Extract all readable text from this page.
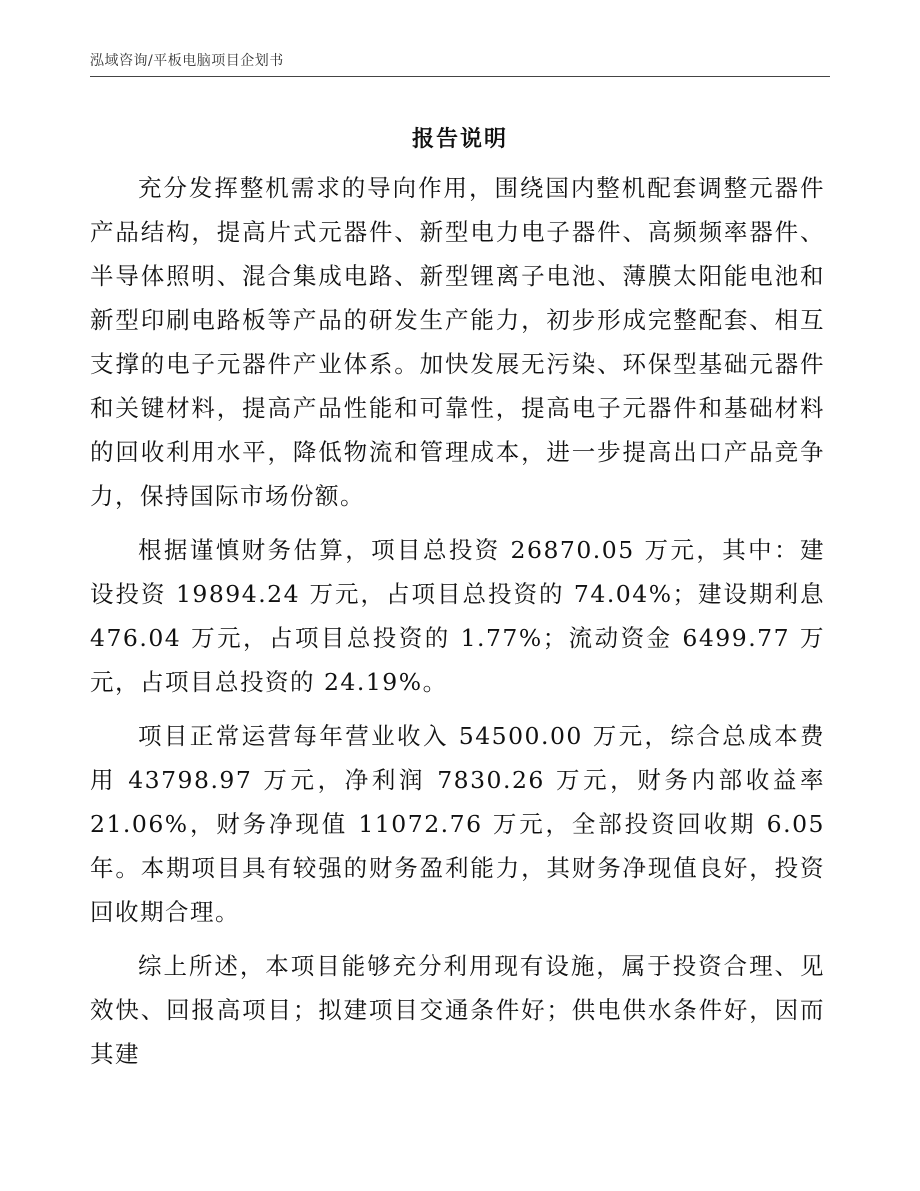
泓域咨询/平板电脑项目企划书
报告说明

充分发挥整机需求的导向作用，围绕国内整机配套调整元器件产品结构，提高片式元器件、新型电力电子器件、高频频率器件、半导体照明、混合集成电路、新型锂离子电池、薄膜太阳能电池和新型印刷电路板等产品的研发生产能力，初步形成完整配套、相互支撑的电子元器件产业体系。加快发展无污染、环保型基础元器件和关键材料，提高产品性能和可靠性，提高电子元器件和基础材料的回收利用水平，降低物流和管理成本，进一步提高出口产品竞争力，保持国际市场份额。

根据谨慎财务估算，项目总投资 26870.05 万元，其中：建设投资 19894.24 万元，占项目总投资的 74.04%；建设期利息 476.04 万元，占项目总投资的 1.77%；流动资金 6499.77 万元，占项目总投资的 24.19%。

项目正常运营每年营业收入 54500.00 万元，综合总成本费用 43798.97 万元，净利润 7830.26 万元，财务内部收益率 21.06%，财务净现值 11072.76 万元，全部投资回收期 6.05 年。本期项目具有较强的财务盈利能力，其财务净现值良好，投资回收期合理。

综上所述，本项目能够充分利用现有设施，属于投资合理、见效快、回报高项目；拟建项目交通条件好；供电供水条件好，因而其建
